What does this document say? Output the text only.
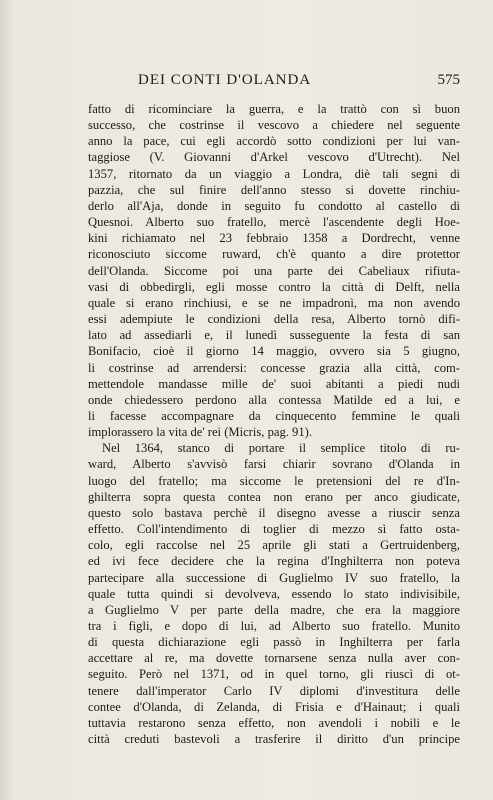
DEI CONTI D'OLANDA	575
fatto di ricominciare la guerra, e la trattò con sì buon
successo, che costrinse il vescovo a chiedere nel seguente
anno la pace, cui egli accordò sotto condizioni per lui van-
taggiose (V. Giovanni d'Arkel vescovo d'Utrecht). Nel
1357, ritornato da un viaggio a Londra, diè tali segni di
pazzia, che sul finire dell'anno stesso si dovette rinchiu-
derlo all'Aja, donde in seguito fu condotto al castello di
Quesnoi. Alberto suo fratello, mercè l'ascendente degli Hoe-
kini richiamato nel 23 febbraio 1358 a Dordrecht, venne
riconosciuto siccome ruward, ch'è quanto a dire protettor
dell'Olanda. Siccome poi una parte dei Cabeliaux rifiuta-
vasi di obbedirgli, egli mosse contro la città di Delft, nella
quale si erano rinchiusi, e se ne impadronì, ma non avendo
essi adempiute le condizioni della resa, Alberto tornò difi-
lato ad assediarli e, il lunedì susseguente la festa di san
Bonifacio, cioè il giorno 14 maggio, ovvero sia 5 giugno,
li costrinse ad arrendersi: concesse grazia alla città, com-
mettendole mandasse mille de' suoi abitanti a piedi nudi
onde chiedessero perdono alla contessa Matilde ed a lui, e
li facesse accompagnare da cinquecento femmine le quali
implorassero la vita de' rei (Micris, pag. 91).
Nel 1364, stanco di portare il semplice titolo di ru-
ward, Alberto s'avvisò farsi chiarir sovrano d'Olanda in
luogo del fratello; ma siccome le pretensioni del re d'In-
ghilterra sopra questa contea non erano per anco giudicate,
questo solo bastava perchè il disegno avesse a riuscir senza
effetto. Coll'intendimento di toglier di mezzo sì fatto osta-
colo, egli raccolse nel 25 aprile gli stati a Gertruidenberg,
ed ivi fece decidere che la regina d'Inghilterra non poteva
partecipare alla successione di Guglielmo IV suo fratello, la
quale tutta quindi si devolveva, essendo lo stato indivisibile,
a Guglielmo V per parte della madre, che era la maggiore
tra i figli, e dopo di lui, ad Alberto suo fratello. Munito
di questa dichiarazione egli passò in Inghilterra per farla
accettare al re, ma dovette tornarsene senza nulla aver con-
seguito. Però nel 1371, od in quel torno, gli riuscì di ot-
tenere dall'imperator Carlo IV diplomi d'investitura delle
contee d'Olanda, di Zelanda, di Frisia e d'Hainaut; i quali
tuttavia restarono senza effetto, non avendoli i nobili e le
città creduti bastevoli a trasferire il diritto d'un principe
